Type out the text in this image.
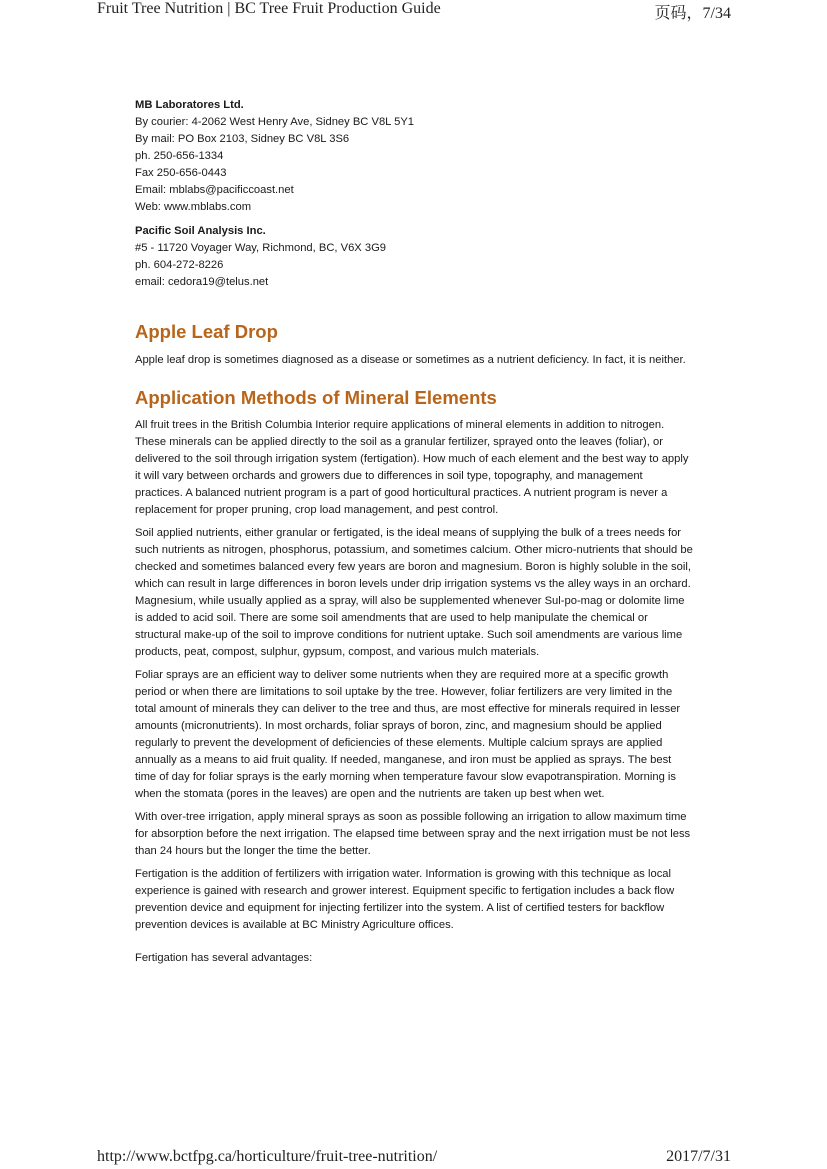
Fruit Tree Nutrition | BC Tree Fruit Production Guide	页码，7/34

MB Laboratores Ltd.

By courier: 4-2062 West Henry Ave, Sidney BC V8L 5Y1

By mail: PO Box 2103, Sidney BC V8L 3S6

ph. 250-656-1334

Fax 250-656-0443

Email: mblabs@pacificcoast.net

Web: www.mblabs.com

Pacific Soil Analysis Inc.

#5 - 11720 Voyager Way, Richmond, BC, V6X 3G9

ph. 604-272-8226

email: cedora19@telus.net

Apple Leaf Drop

Apple leaf drop is sometimes diagnosed as a disease or sometimes as a nutrient deficiency. In fact, it is neither.

Application Methods of Mineral Elements

All fruit trees in the British Columbia Interior require applications of mineral elements in addition to nitrogen. These minerals can be applied directly to the soil as a granular fertilizer, sprayed onto the leaves (foliar), or delivered to the soil through irrigation system (fertigation). How much of each element and the best way to apply it will vary between orchards and growers due to differences in soil type, topography, and management practices. A balanced nutrient program is a part of good horticultural practices. A nutrient program is never a replacement for proper pruning, crop load management, and pest control.

Soil applied nutrients, either granular or fertigated, is the ideal means of supplying the bulk of a trees needs for such nutrients as nitrogen, phosphorus, potassium, and sometimes calcium. Other micro-nutrients that should be checked and sometimes balanced every few years are boron and magnesium. Boron is highly soluble in the soil, which can result in large differences in boron levels under drip irrigation systems vs the alley ways in an orchard. Magnesium, while usually applied as a spray, will also be supplemented whenever Sul-po-mag or dolomite lime is added to acid soil. There are some soil amendments that are used to help manipulate the chemical or structural make-up of the soil to improve conditions for nutrient uptake. Such soil amendments are various lime products, peat, compost, sulphur, gypsum, compost, and various mulch materials.

Foliar sprays are an efficient way to deliver some nutrients when they are required more at a specific growth period or when there are limitations to soil uptake by the tree. However, foliar fertilizers are very limited in the total amount of minerals they can deliver to the tree and thus, are most effective for minerals required in lesser amounts (micronutrients). In most orchards, foliar sprays of boron, zinc, and magnesium should be applied regularly to prevent the development of deficiencies of these elements. Multiple calcium sprays are applied annually as a means to aid fruit quality. If needed, manganese, and iron must be applied as sprays. The best time of day for foliar sprays is the early morning when temperature favour slow evapotranspiration. Morning is when the stomata (pores in the leaves) are open and the nutrients are taken up best when wet.

With over-tree irrigation, apply mineral sprays as soon as possible following an irrigation to allow maximum time for absorption before the next irrigation. The elapsed time between spray and the next irrigation must be not less than 24 hours but the longer the time the better.

Fertigation is the addition of fertilizers with irrigation water. Information is growing with this technique as local experience is gained with research and grower interest. Equipment specific to fertigation includes a back flow prevention device and equipment for injecting fertilizer into the system. A list of certified testers for backflow prevention devices is available at BC Ministry Agriculture offices.

Fertigation has several advantages:

http://www.bctfpg.ca/horticulture/fruit-tree-nutrition/	2017/7/31
